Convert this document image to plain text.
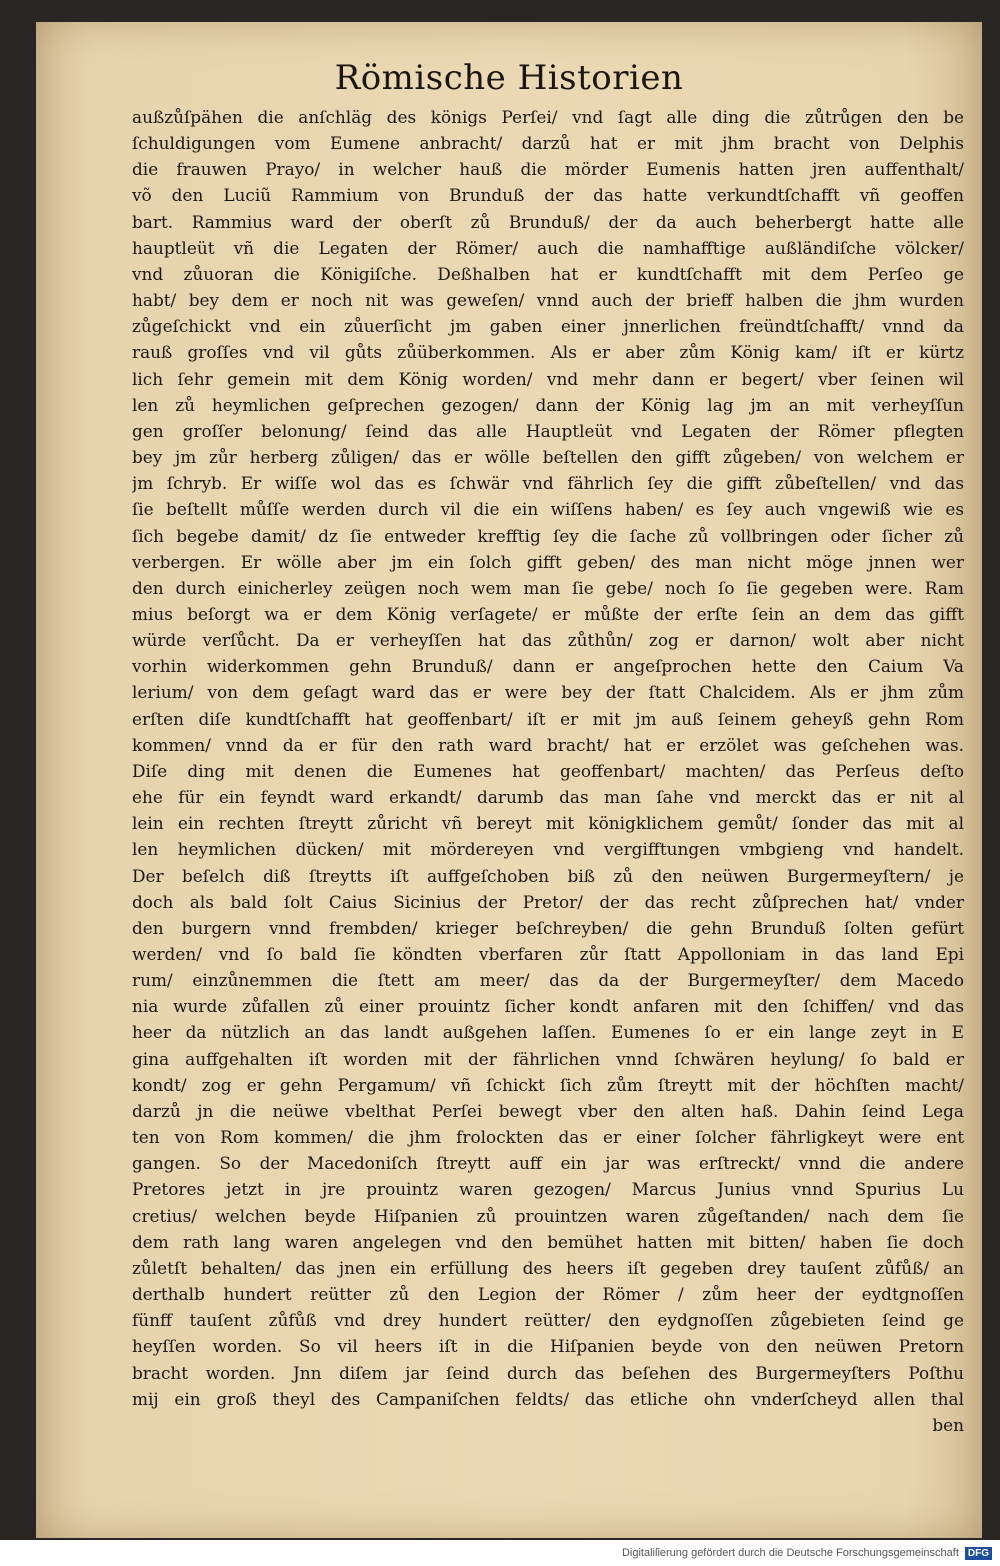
Römische Historien
außzůſpähen die anſchläg des königs Perſei/ vnd ſagt alle ding die zůtrůgen den be
ſchuldigungen vom Eumene anbracht/ darzů hat er mit jhm bracht von Delphis
die frauwen Prayo/ in welcher hauß die mörder Eumenis hatten jren auffenthalt/
võ den Luciũ Rammium von Brunduß der das hatte verkundtſchafft vñ geoffen
bart. Rammius ward der oberſt zů Brunduß/ der da auch beherbergt hatte alle
hauptleüt vñ die Legaten der Römer/ auch die namhafftige außländiſche völcker/
vnd zůuoran die Königiſche. Deßhalben hat er kundtſchafft mit dem Perſeo ge
habt/ bey dem er noch nit was geweſen/ vnnd auch der brieff halben die jhm wurden
zůgeſchickt vnd ein zůuerſicht jm gaben einer jnnerlichen freündtſchafft/ vnnd da
rauß groſſes vnd vil gůts zůüberkommen. Als er aber zům König kam/ iſt er kürtz
lich ſehr gemein mit dem König worden/ vnd mehr dann er begert/ vber ſeinen wil
len zů heymlichen geſprechen gezogen/ dann der König lag jm an mit verheyſſun
gen groſſer belonung/ ſeind das alle Hauptleüt vnd Legaten der Römer pflegten
bey jm zůr herberg zůligen/ das er wölle beſtellen den gifft zůgeben/ von welchem er
jm ſchryb. Er wiſſe wol das es ſchwär vnd fährlich ſey die gifft zůbeſtellen/ vnd das
ſie beſtellt můſſe werden durch vil die ein wiſſens haben/ es ſey auch vngewiß wie es
ſich begebe damit/ dz ſie entweder krefftig ſey die ſache zů vollbringen oder ſicher zů
verbergen. Er wölle aber jm ein ſolch gifft geben/ des man nicht möge jnnen wer
den durch einicherley zeügen noch wem man ſie gebe/ noch ſo ſie gegeben were. Ram
mius beſorgt wa er dem König verſagete/ er můßte der erſte ſein an dem das gifft
würde verſůcht. Da er verheyſſen hat das zůthůn/ zog er darnon/ wolt aber nicht
vorhin widerkommen gehn Brunduß/ dann er angeſprochen hette den Caium Va
lerium/ von dem geſagt ward das er were bey der ſtatt Chalcidem. Als er jhm zům
erſten diſe kundtſchafft hat geoffenbart/ iſt er mit jm auß ſeinem geheyß gehn Rom
kommen/ vnnd da er für den rath ward bracht/ hat er erzölet was geſchehen was.
Diſe ding mit denen die Eumenes hat geoffenbart/ machten/ das Perſeus deſto
ehe für ein feyndt ward erkandt/ darumb das man ſahe vnd merckt das er nit al
lein ein rechten ſtreytt zůricht vñ bereyt mit königklichem gemůt/ ſonder das mit al
len heymlichen dücken/ mit mördereyen vnd vergifftungen vmbgieng vnd handelt.
Der beſelch diß ſtreytts iſt auffgeſchoben biß zů den neüwen Burgermeyſtern/ je
doch als bald ſolt Caius Sicinius der Pretor/ der das recht zůſprechen hat/ vnder
den burgern vnnd frembden/ krieger beſchreyben/ die gehn Brunduß ſolten gefürt
werden/ vnd ſo bald ſie köndten vberfaren zůr ſtatt Appolloniam in das land Epi
rum/ einzůnemmen die ſtett am meer/ das da der Burgermeyſter/ dem Macedo
nia wurde zůfallen zů einer prouintz ſicher kondt anfaren mit den ſchiffen/ vnd das
heer da nützlich an das landt außgehen laſſen. Eumenes ſo er ein lange zeyt in E
gina auffgehalten iſt worden mit der fährlichen vnnd ſchwären heylung/ ſo bald er
kondt/ zog er gehn Pergamum/ vñ ſchickt ſich zům ſtreytt mit der höchſten macht/
darzů jn die neüwe vbelthat Perſei bewegt vber den alten haß. Dahin ſeind Lega
ten von Rom kommen/ die jhm frolockten das er einer ſolcher fährligkeyt were ent
gangen. So der Macedoniſch ſtreytt auff ein jar was erſtreckt/ vnnd die andere
Pretores jetzt in jre prouintz waren gezogen/ Marcus Junius vnnd Spurius Lu
cretius/ welchen beyde Hiſpanien zů prouintzen waren zůgeſtanden/ nach dem ſie
dem rath lang waren angelegen vnd den bemühet hatten mit bitten/ haben ſie doch
zůletſt behalten/ das jnen ein erfüllung des heers iſt gegeben drey tauſent zůfůß/ an
derthalb hundert reütter zů den Legion der Römer / zům heer der eydtgnoſſen
fünff tauſent zůfůß vnd drey hundert reütter/ den eydgnoſſen zůgebieten ſeind ge
heyſſen worden. So vil heers iſt in die Hiſpanien beyde von den neüwen Pretorn
bracht worden. Jnn diſem jar ſeind durch das beſehen des Burgermeyſters Poſthu
mij ein groß theyl des Campaniſchen feldts/ das etliche ohn vnderſcheyd allen thal
ben
Digitaliſierung gefördert durch die Deutsche Forschungsgemeinschaft DFG
